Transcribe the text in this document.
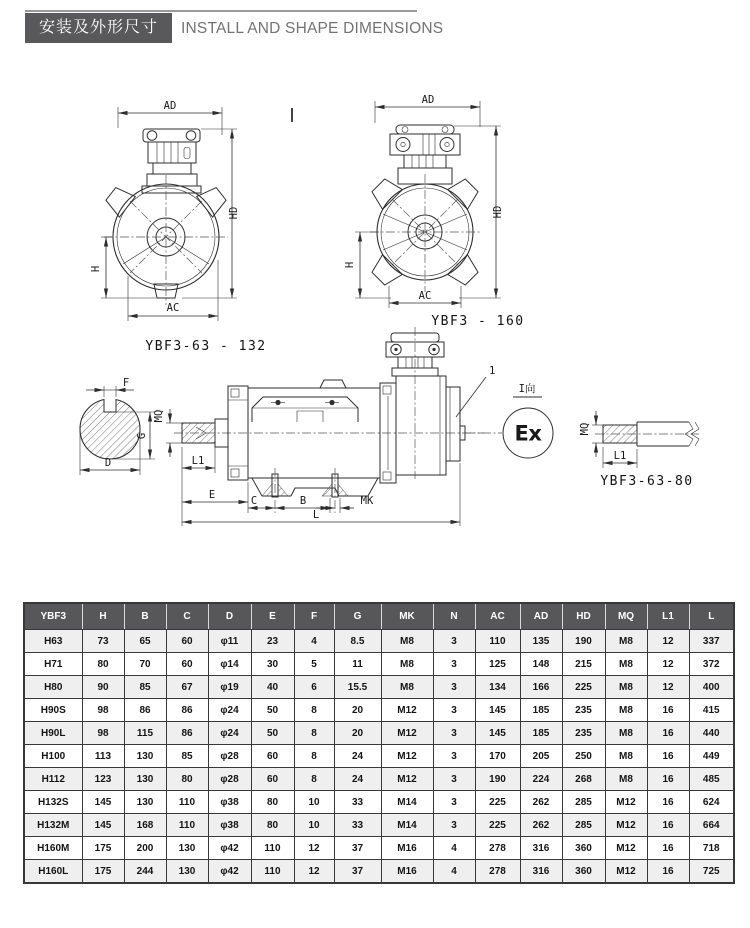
安装及外形尺寸	INSTALL AND SHAPE DIMENSIONS
AD
H
HD
AC
YBF3-63 - 132
AD
H
HD
AC
YBF3 - 160
F
G
D
1
MQ
L1
E	C	B	MK
L
Ex
I向
MQ
L1
YBF3-63-80
YBF3	H	B	C	D	E	F	G	MK	N	AC	AD	HD	MQ	L1	L
H63	73	65	60	φ11	23	4	8.5	M8	3	110	135	190	M8	12	337
H71	80	70	60	φ14	30	5	11	M8	3	125	148	215	M8	12	372
H80	90	85	67	φ19	40	6	15.5	M8	3	134	166	225	M8	12	400
H90S	98	86	86	φ24	50	8	20	M12	3	145	185	235	M8	16	415
H90L	98	115	86	φ24	50	8	20	M12	3	145	185	235	M8	16	440
H100	113	130	85	φ28	60	8	24	M12	3	170	205	250	M8	16	449
H112	123	130	80	φ28	60	8	24	M12	3	190	224	268	M8	16	485
H132S	145	130	110	φ38	80	10	33	M14	3	225	262	285	M12	16	624
H132M	145	168	110	φ38	80	10	33	M14	3	225	262	285	M12	16	664
H160M	175	200	130	φ42	110	12	37	M16	4	278	316	360	M12	16	718
H160L	175	244	130	φ42	110	12	37	M16	4	278	316	360	M12	16	725
